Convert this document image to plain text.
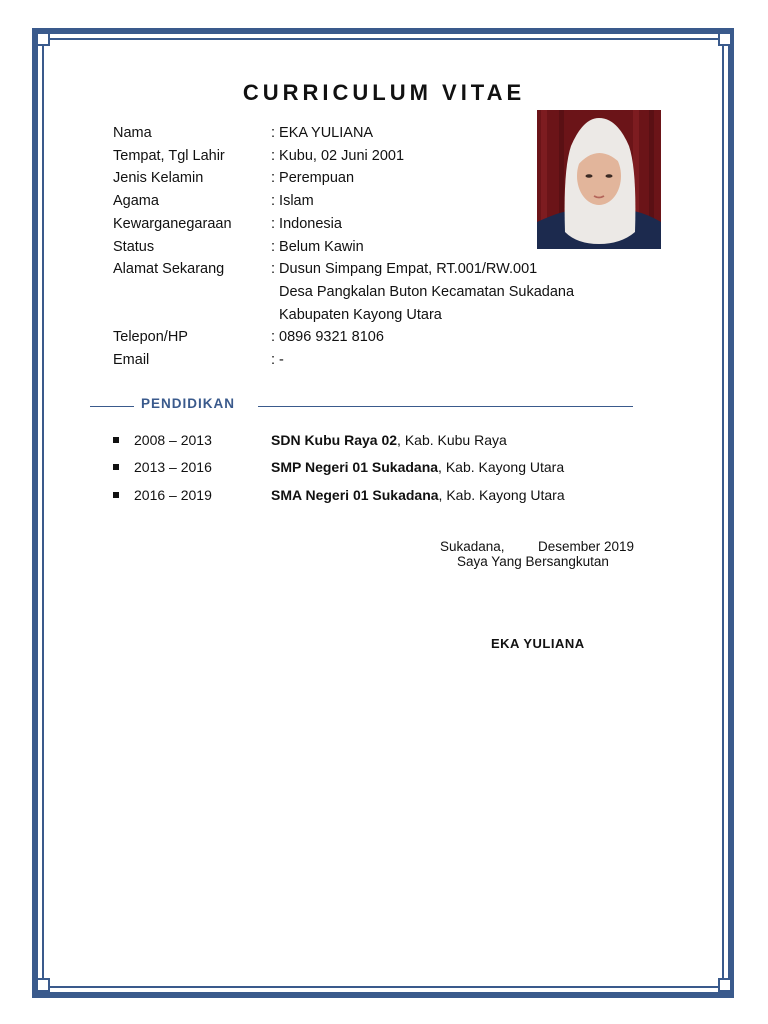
CURRICULUM VITAE
Nama	: EKA YULIANA
Tempat, Tgl Lahir	: Kubu, 02 Juni 2001
Jenis Kelamin	: Perempuan
Agama	: Islam
Kewarganegaraan	: Indonesia
Status	: Belum Kawin
Alamat Sekarang	: Dusun Simpang Empat, RT.001/RW.001
Desa Pangkalan Buton Kecamatan Sukadana
Kabupaten Kayong Utara
Telepon/HP	: 0896 9321 8106
Email	: -
PENDIDIKAN
2008 – 2013	SDN Kubu Raya 02, Kab. Kubu Raya
2013 – 2016	SMP Negeri 01 Sukadana, Kab. Kayong Utara
2016 – 2019	SMA Negeri 01 Sukadana, Kab. Kayong Utara
Sukadana,	Desember 2019
Saya Yang Bersangkutan
EKA YULIANA
